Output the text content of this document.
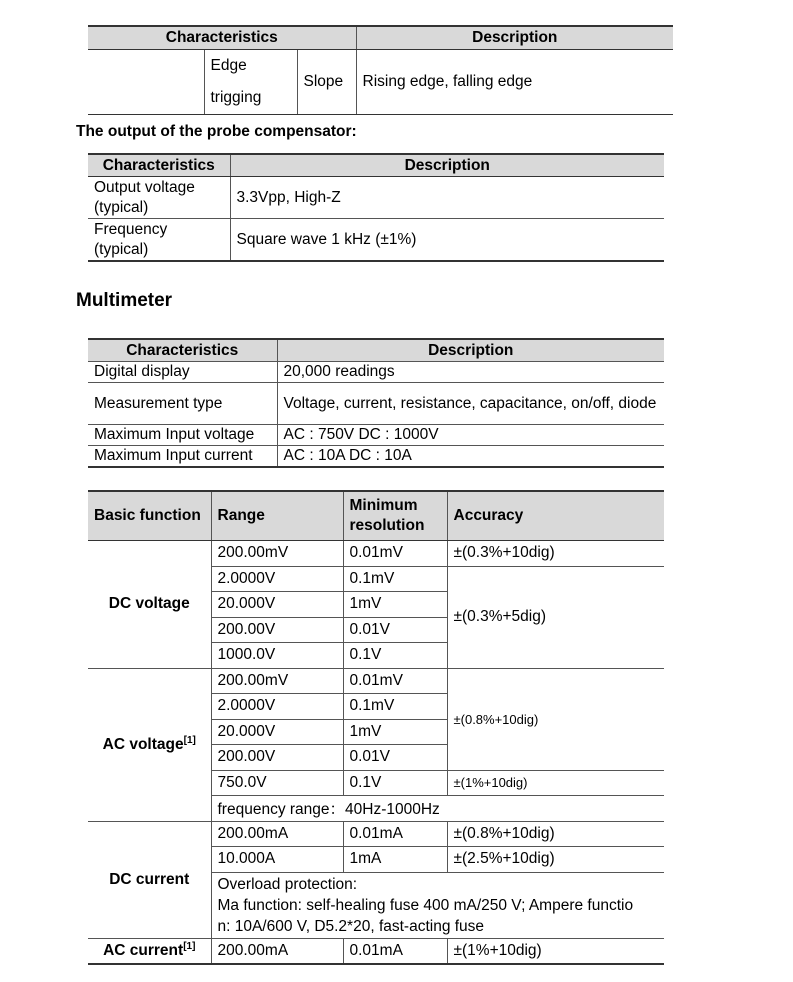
Characteristics			Description
	Edge trigging	Slope	Rising edge, falling edge
The output of the probe compensator:
Characteristics	Description
Output voltage (typical)	3.3Vpp, High-Z
Frequency (typical)	Square wave 1 kHz (±1%)
Multimeter
Characteristics	Description
Digital display	20,000 readings
Measurement type	Voltage, current, resistance, capacitance, on/off, diode
Maximum Input voltage	AC : 750V DC : 1000V
Maximum Input current	AC : 10A DC : 10A
Basic function	Range	Minimum resolution	Accuracy
DC voltage	200.00mV	0.01mV	±(0.3%+10dig)
	2.0000V	0.1mV	±(0.3%+5dig)
	20.000V	1mV	
	200.00V	0.01V	
	1000.0V	0.1V	
AC voltage[1]	200.00mV	0.01mV	±(0.8%+10dig)
	2.0000V	0.1mV	
	20.000V	1mV	
	200.00V	0.01V	
	750.0V	0.1V	±(1%+10dig)
	frequency range：40Hz-1000Hz		
DC current	200.00mA	0.01mA	±(0.8%+10dig)
	10.000A	1mA	±(2.5%+10dig)

	Overload protection:
Ma function: self-healing fuse 400 mA/250 V; Ampere functio
n: 10A/600 V, D5.2*20, fast-acting fuse		

AC current[1]	200.00mA	0.01mA	±(1%+10dig)
